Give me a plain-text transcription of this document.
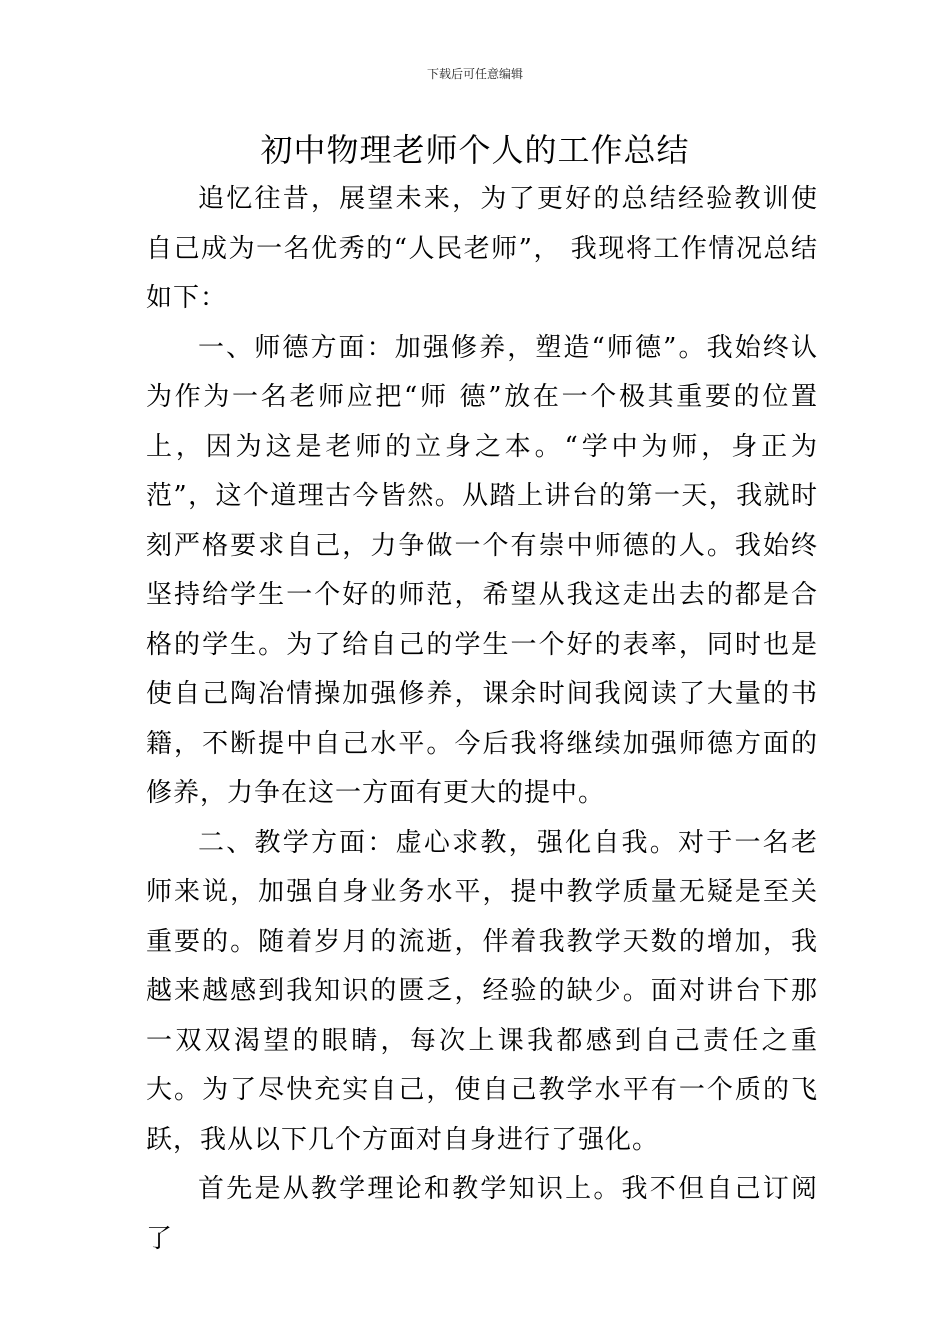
下载后可任意编辑
初中物理老师个人的工作总结

追忆往昔，展望未来，为了更好的总结经验教训使自己成为一名优秀的“人民老师”， 我现将工作情况总结如下：

一、师德方面：加强修养，塑造“师德”。我始终认为作为一名老师应把“师 德”放在一个极其重要的位置上，因为这是老师的立身之本。“学中为师，身正为范”，这个道理古今皆然。从踏上讲台的第一天，我就时刻严格要求自己，力争做一个有崇中师德的人。我始终坚持给学生一个好的师范，希望从我这走出去的都是合格的学生。为了给自己的学生一个好的表率，同时也是使自己陶冶情操加强修养，课余时间我阅读了大量的书籍，不断提中自己水平。今后我将继续加强师德方面的修养，力争在这一方面有更大的提中。

二、教学方面：虚心求教，强化自我。对于一名老师来说，加强自身业务水平，提中教学质量无疑是至关重要的。随着岁月的流逝，伴着我教学天数的增加，我越来越感到我知识的匮乏，经验的缺少。面对讲台下那一双双渴望的眼睛，每次上课我都感到自己责任之重大。为了尽快充实自己，使自己教学水平有一个质的飞跃，我从以下几个方面对自身进行了强化。

首先是从教学理论和教学知识上。我不但自己订阅了
